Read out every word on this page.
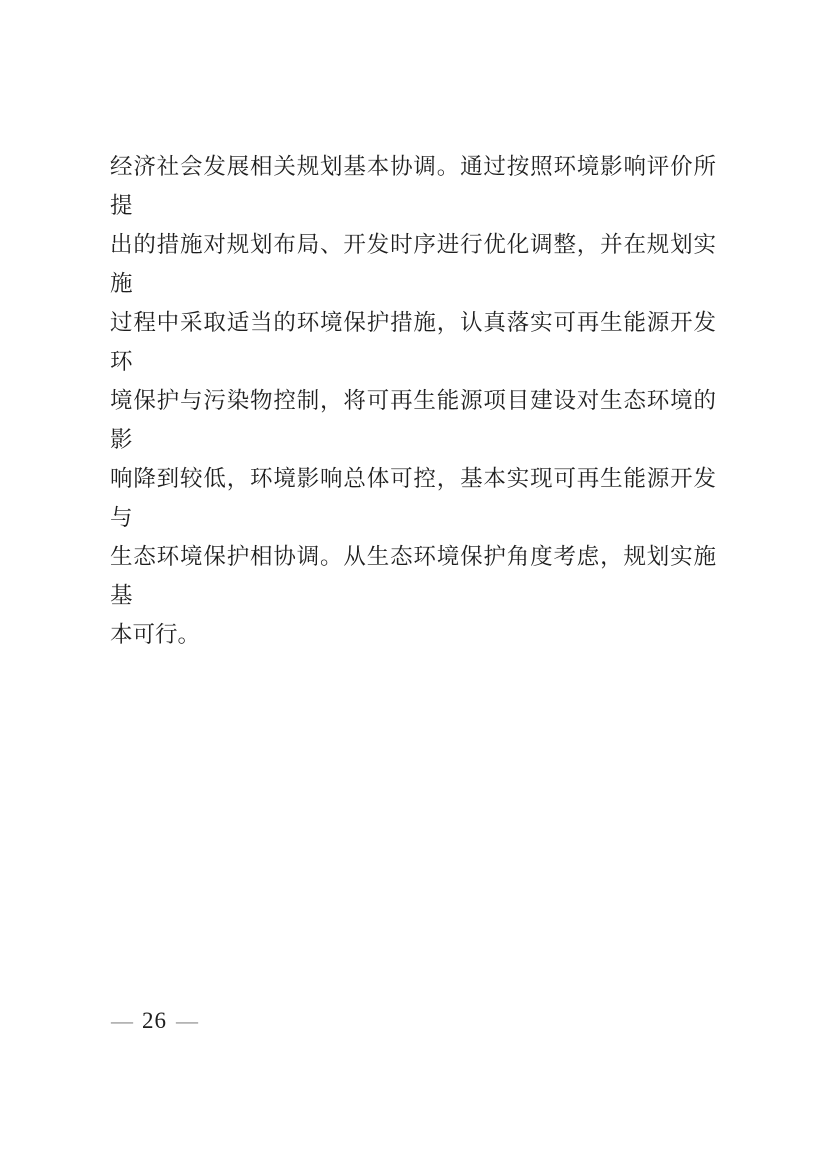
经济社会发展相关规划基本协调。通过按照环境影响评价所提
出的措施对规划布局、开发时序进行优化调整，并在规划实施
过程中采取适当的环境保护措施，认真落实可再生能源开发环
境保护与污染物控制，将可再生能源项目建设对生态环境的影
响降到较低，环境影响总体可控，基本实现可再生能源开发与
生态环境保护相协调。从生态环境保护角度考虑，规划实施基
本可行。
— 26 —
